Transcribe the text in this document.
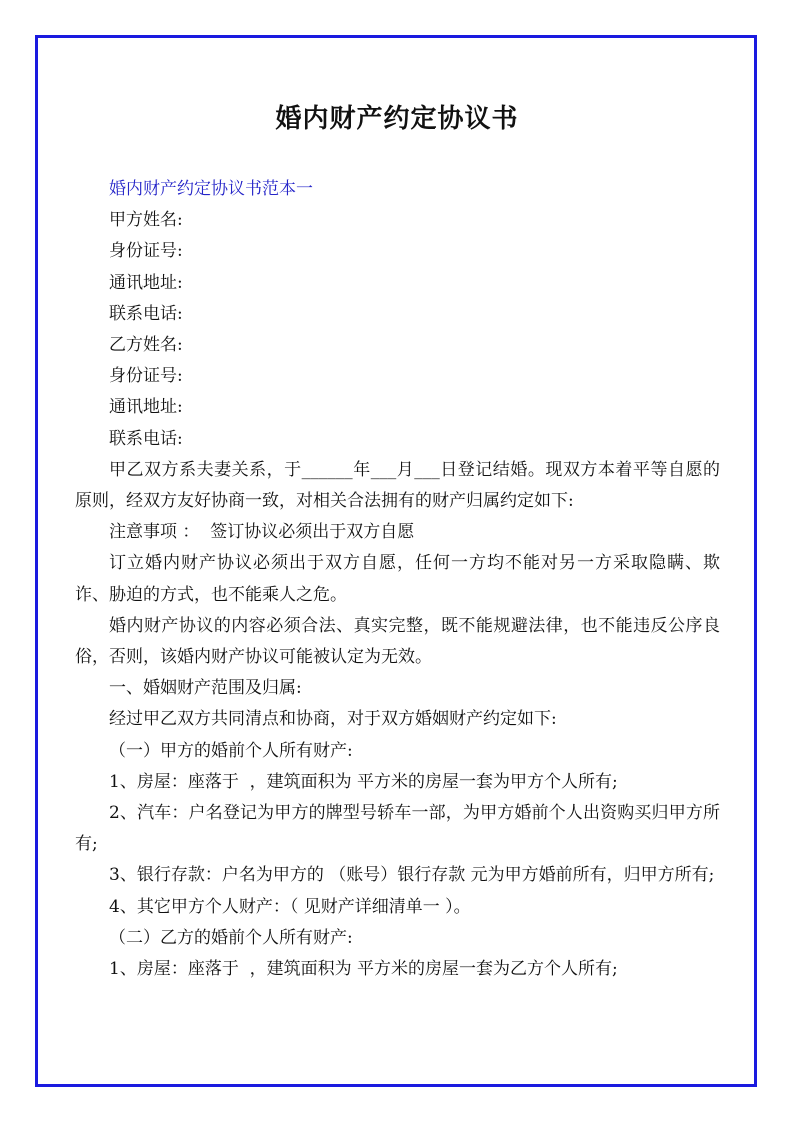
婚内财产约定协议书

婚内财产约定协议书范本一

甲方姓名:

身份证号:

通讯地址:

联系电话:

乙方姓名:

身份证号:

通讯地址:

联系电话:

甲乙双方系夫妻关系，于______年___月___日登记结婚。现双方本着平等自愿的原则，经双方友好协商一致，对相关合法拥有的财产归属约定如下:

注意事项 ：  签订协议必须出于双方自愿

订立婚内财产协议必须出于双方自愿，任何一方均不能对另一方采取隐瞒、欺诈、胁迫的方式，也不能乘人之危。

婚内财产协议的内容必须合法、真实完整，既不能规避法律，也不能违反公序良俗，否则，该婚内财产协议可能被认定为无效。

一、婚姻财产范围及归属:

经过甲乙双方共同清点和协商，对于双方婚姻财产约定如下:

（一）甲方的婚前个人所有财产:

1、房屋：座落于  ，建筑面积为 平方米的房屋一套为甲方个人所有;

2、汽车：户名登记为甲方的牌型号轿车一部，为甲方婚前个人出资购买归甲方所有;

3、银行存款：户名为甲方的 （账号）银行存款 元为甲方婚前所有，归甲方所有;

4、其它甲方个人财产：（ 见财产详细清单一 ）。

（二）乙方的婚前个人所有财产:

1、房屋：座落于  ，建筑面积为 平方米的房屋一套为乙方个人所有;
